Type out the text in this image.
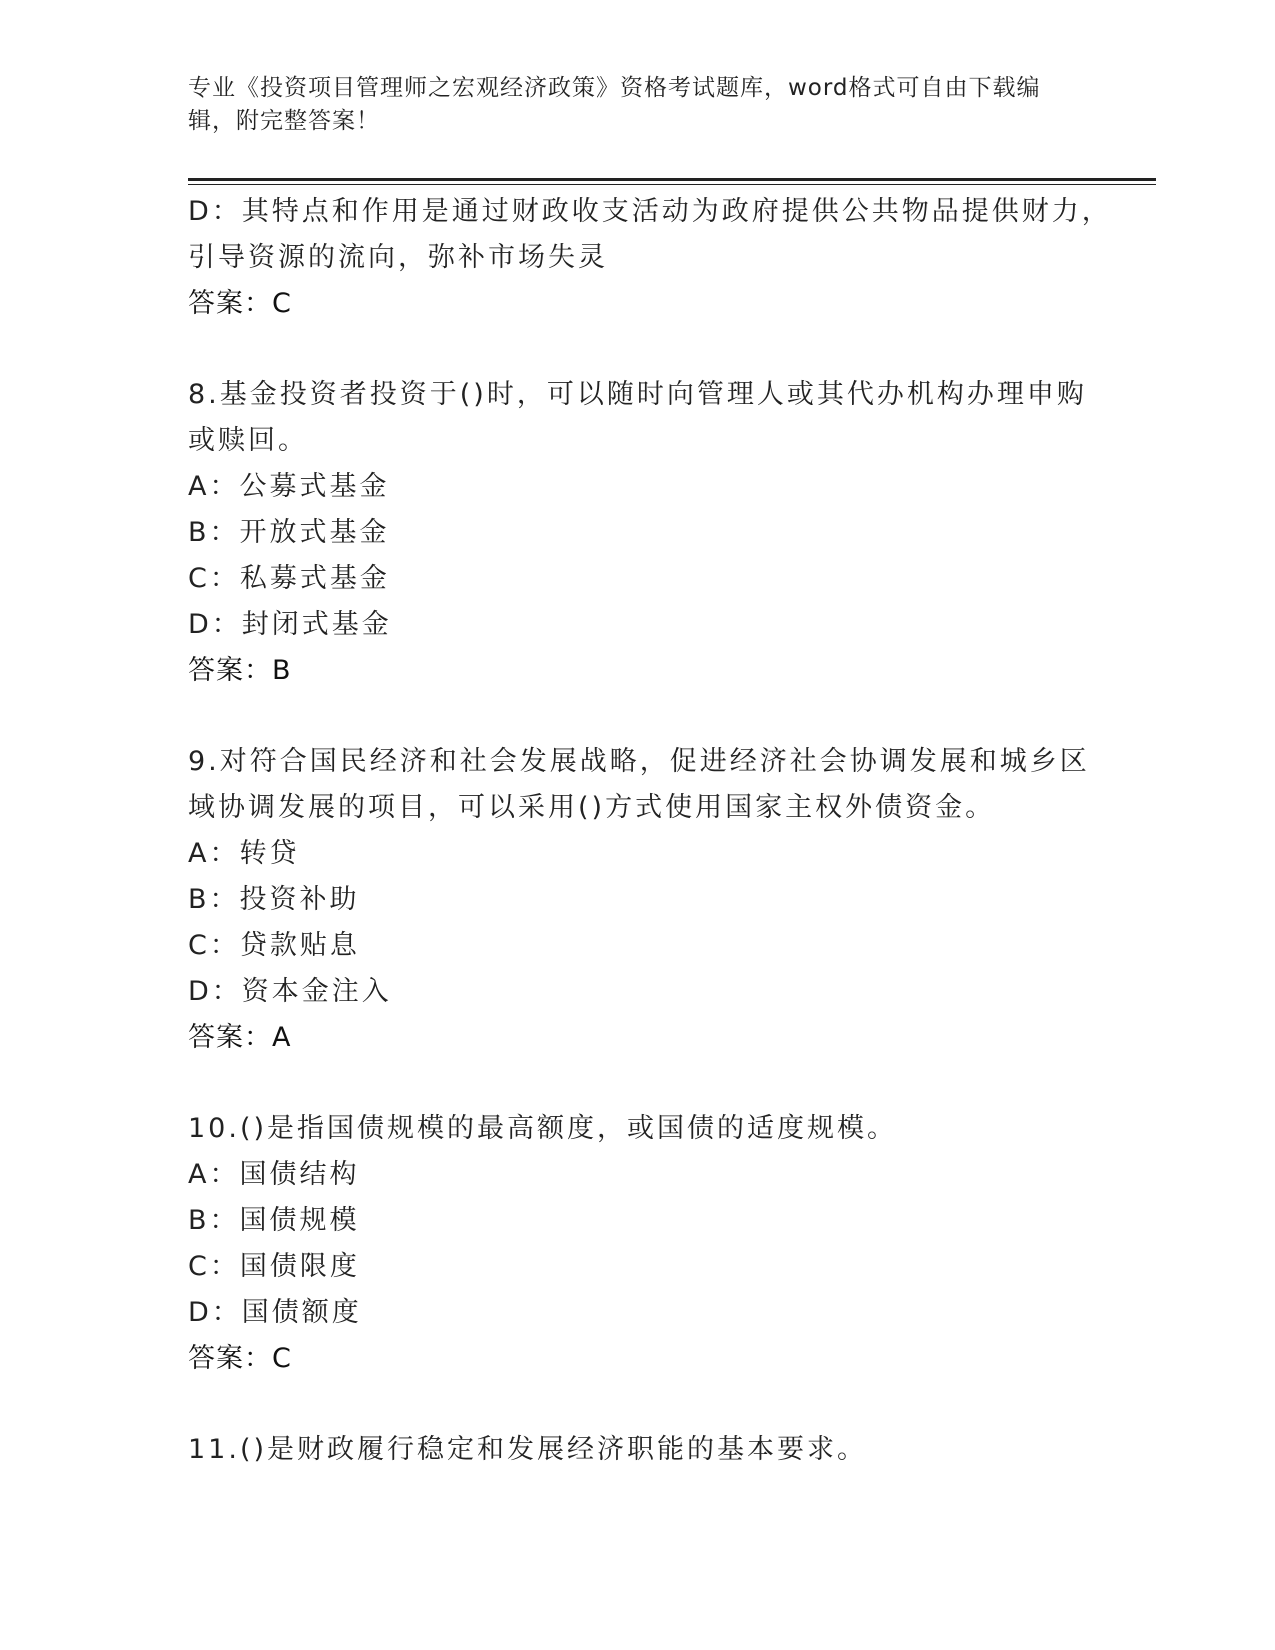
专业《投资项目管理师之宏观经济政策》资格考试题库，word格式可自由下载编
辑，附完整答案！
D：其特点和作用是通过财政收支活动为政府提供公共物品提供财力，
引导资源的流向，弥补市场失灵
答案：C
8.基金投资者投资于()时，可以随时向管理人或其代办机构办理申购
或赎回。
A：公募式基金
B：开放式基金
C：私募式基金
D：封闭式基金
答案：B
9.对符合国民经济和社会发展战略，促进经济社会协调发展和城乡区
域协调发展的项目，可以采用()方式使用国家主权外债资金。
A：转贷
B：投资补助
C：贷款贴息
D：资本金注入
答案：A
10.()是指国债规模的最高额度，或国债的适度规模。
A：国债结构
B：国债规模
C：国债限度
D：国债额度
答案：C
11.()是财政履行稳定和发展经济职能的基本要求。
